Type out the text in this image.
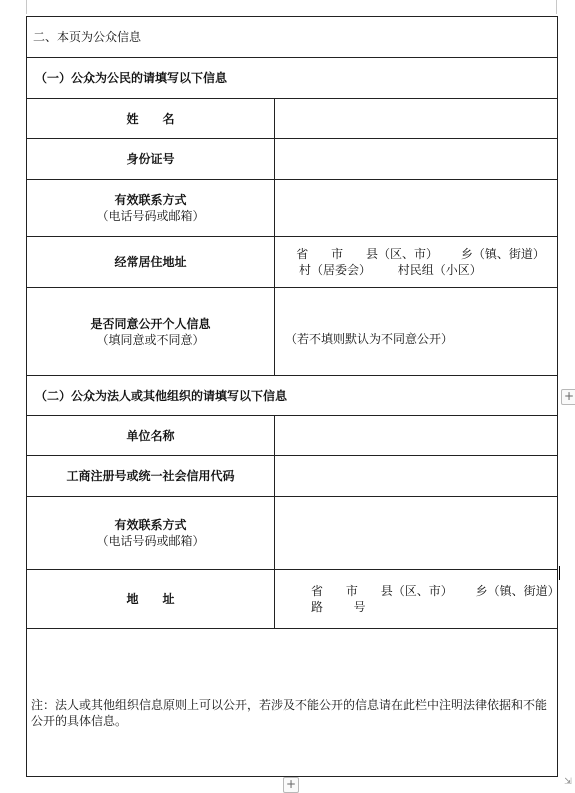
二、本页为公众信息	
（一）公众为公民的请填写以下信息	
姓　　名	
身份证号	
有效联系方式
（电话号码或邮箱）	

经常居住地址	省      市      县（区、市）      乡（镇、街道）
村（居委会）       村民组（小区）

是否同意公开个人信息
（填同意或不同意）	（若不填则默认为不同意公开）

（二）公众为法人或其他组织的请填写以下信息	
单位名称	
工商注册号或统一社会信用代码	
有效联系方式
（电话号码或邮箱）	

地　　址	省      市      县（区、市）      乡（镇、街道）
路        号

注：法人或其他组织信息原则上可以公开，若涉及不能公开的信息请在此栏中注明法律依据和不能公开的具体信息。	
+
+	⇲
